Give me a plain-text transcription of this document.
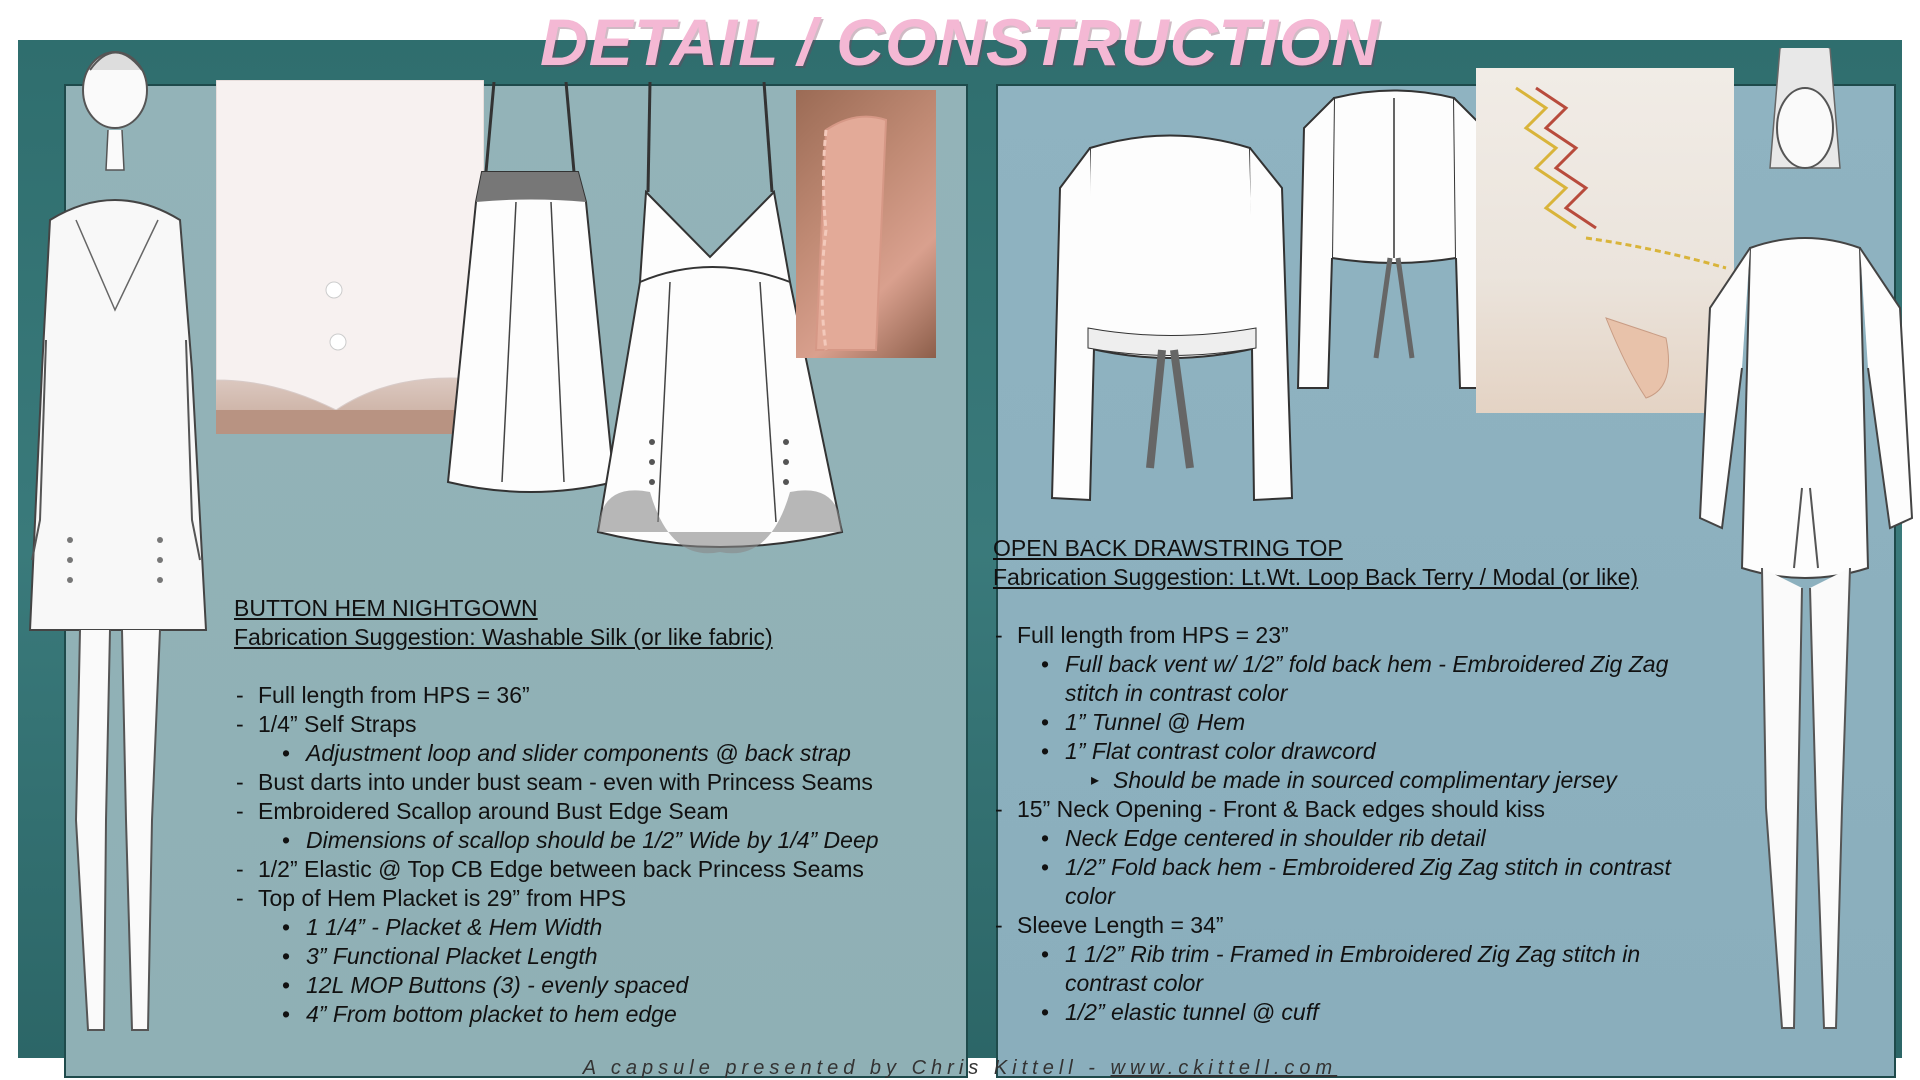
DETAIL / CONSTRUCTION
BUTTON HEM NIGHTGOWN
Fabrication Suggestion: Washable Silk (or like fabric)
- Full length from HPS = 36”
- 1/4” Self Straps
• Adjustment loop and slider components @ back strap
- Bust darts into under bust seam - even with Princess Seams
- Embroidered Scallop around Bust Edge Seam
• Dimensions of scallop should be 1/2” Wide by 1/4” Deep
- 1/2” Elastic @ Top CB Edge between back Princess Seams
- Top of Hem Placket is 29” from HPS
• 1 1/4” - Placket & Hem Width
• 3” Functional Placket Length
• 12L MOP Buttons (3) - evenly spaced
• 4” From bottom placket to hem edge
OPEN BACK DRAWSTRING TOP
Fabrication Suggestion: Lt.Wt. Loop Back Terry / Modal (or like)
- Full length from HPS = 23”
• Full back vent w/ 1/2” fold back hem - Embroidered Zig Zag stitch in contrast color
• 1” Tunnel @ Hem
• 1” Flat contrast color drawcord
▸ Should be made in sourced complimentary jersey
- 15” Neck Opening - Front & Back edges should kiss
• Neck Edge centered in shoulder rib detail
• 1/2” Fold back hem - Embroidered Zig Zag stitch in contrast color
- Sleeve Length = 34”
• 1 1/2” Rib trim - Framed in Embroidered Zig Zag stitch in contrast color
• 1/2” elastic tunnel @ cuff
A capsule presented by Chris Kittell - www.ckittell.com
